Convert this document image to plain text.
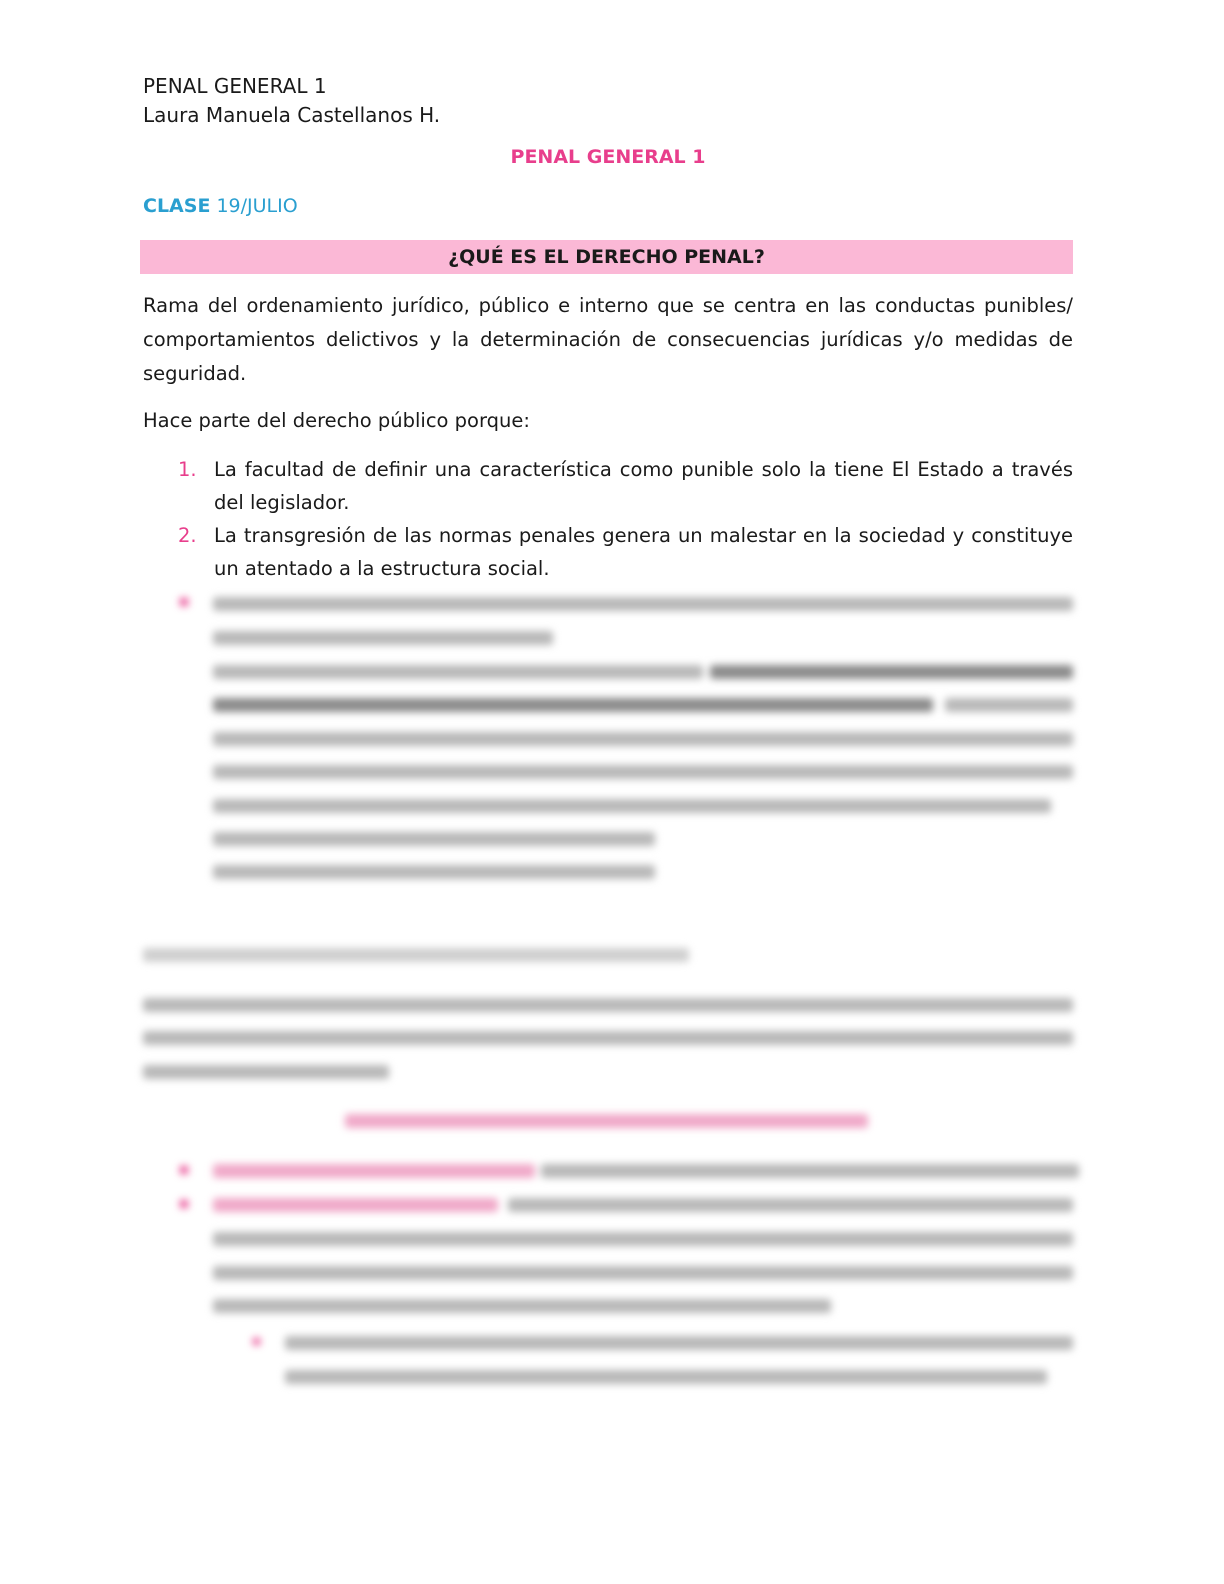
PENAL GENERAL 1
Laura Manuela Castellanos H.
PENAL GENERAL 1
CLASE 19/JULIO
¿QUÉ ES EL DERECHO PENAL?
Rama del ordenamiento jurídico, público e interno que se centra en las conductas punibles/ comportamientos delictivos y la determinación de consecuencias jurídicas y/o medidas de seguridad.
Hace parte del derecho público porque:
1. La facultad de definir una característica como punible solo la tiene El Estado a través del legislador.
2. La transgresión de las normas penales genera un malestar en la sociedad y constituye un atentado a la estructura social.
